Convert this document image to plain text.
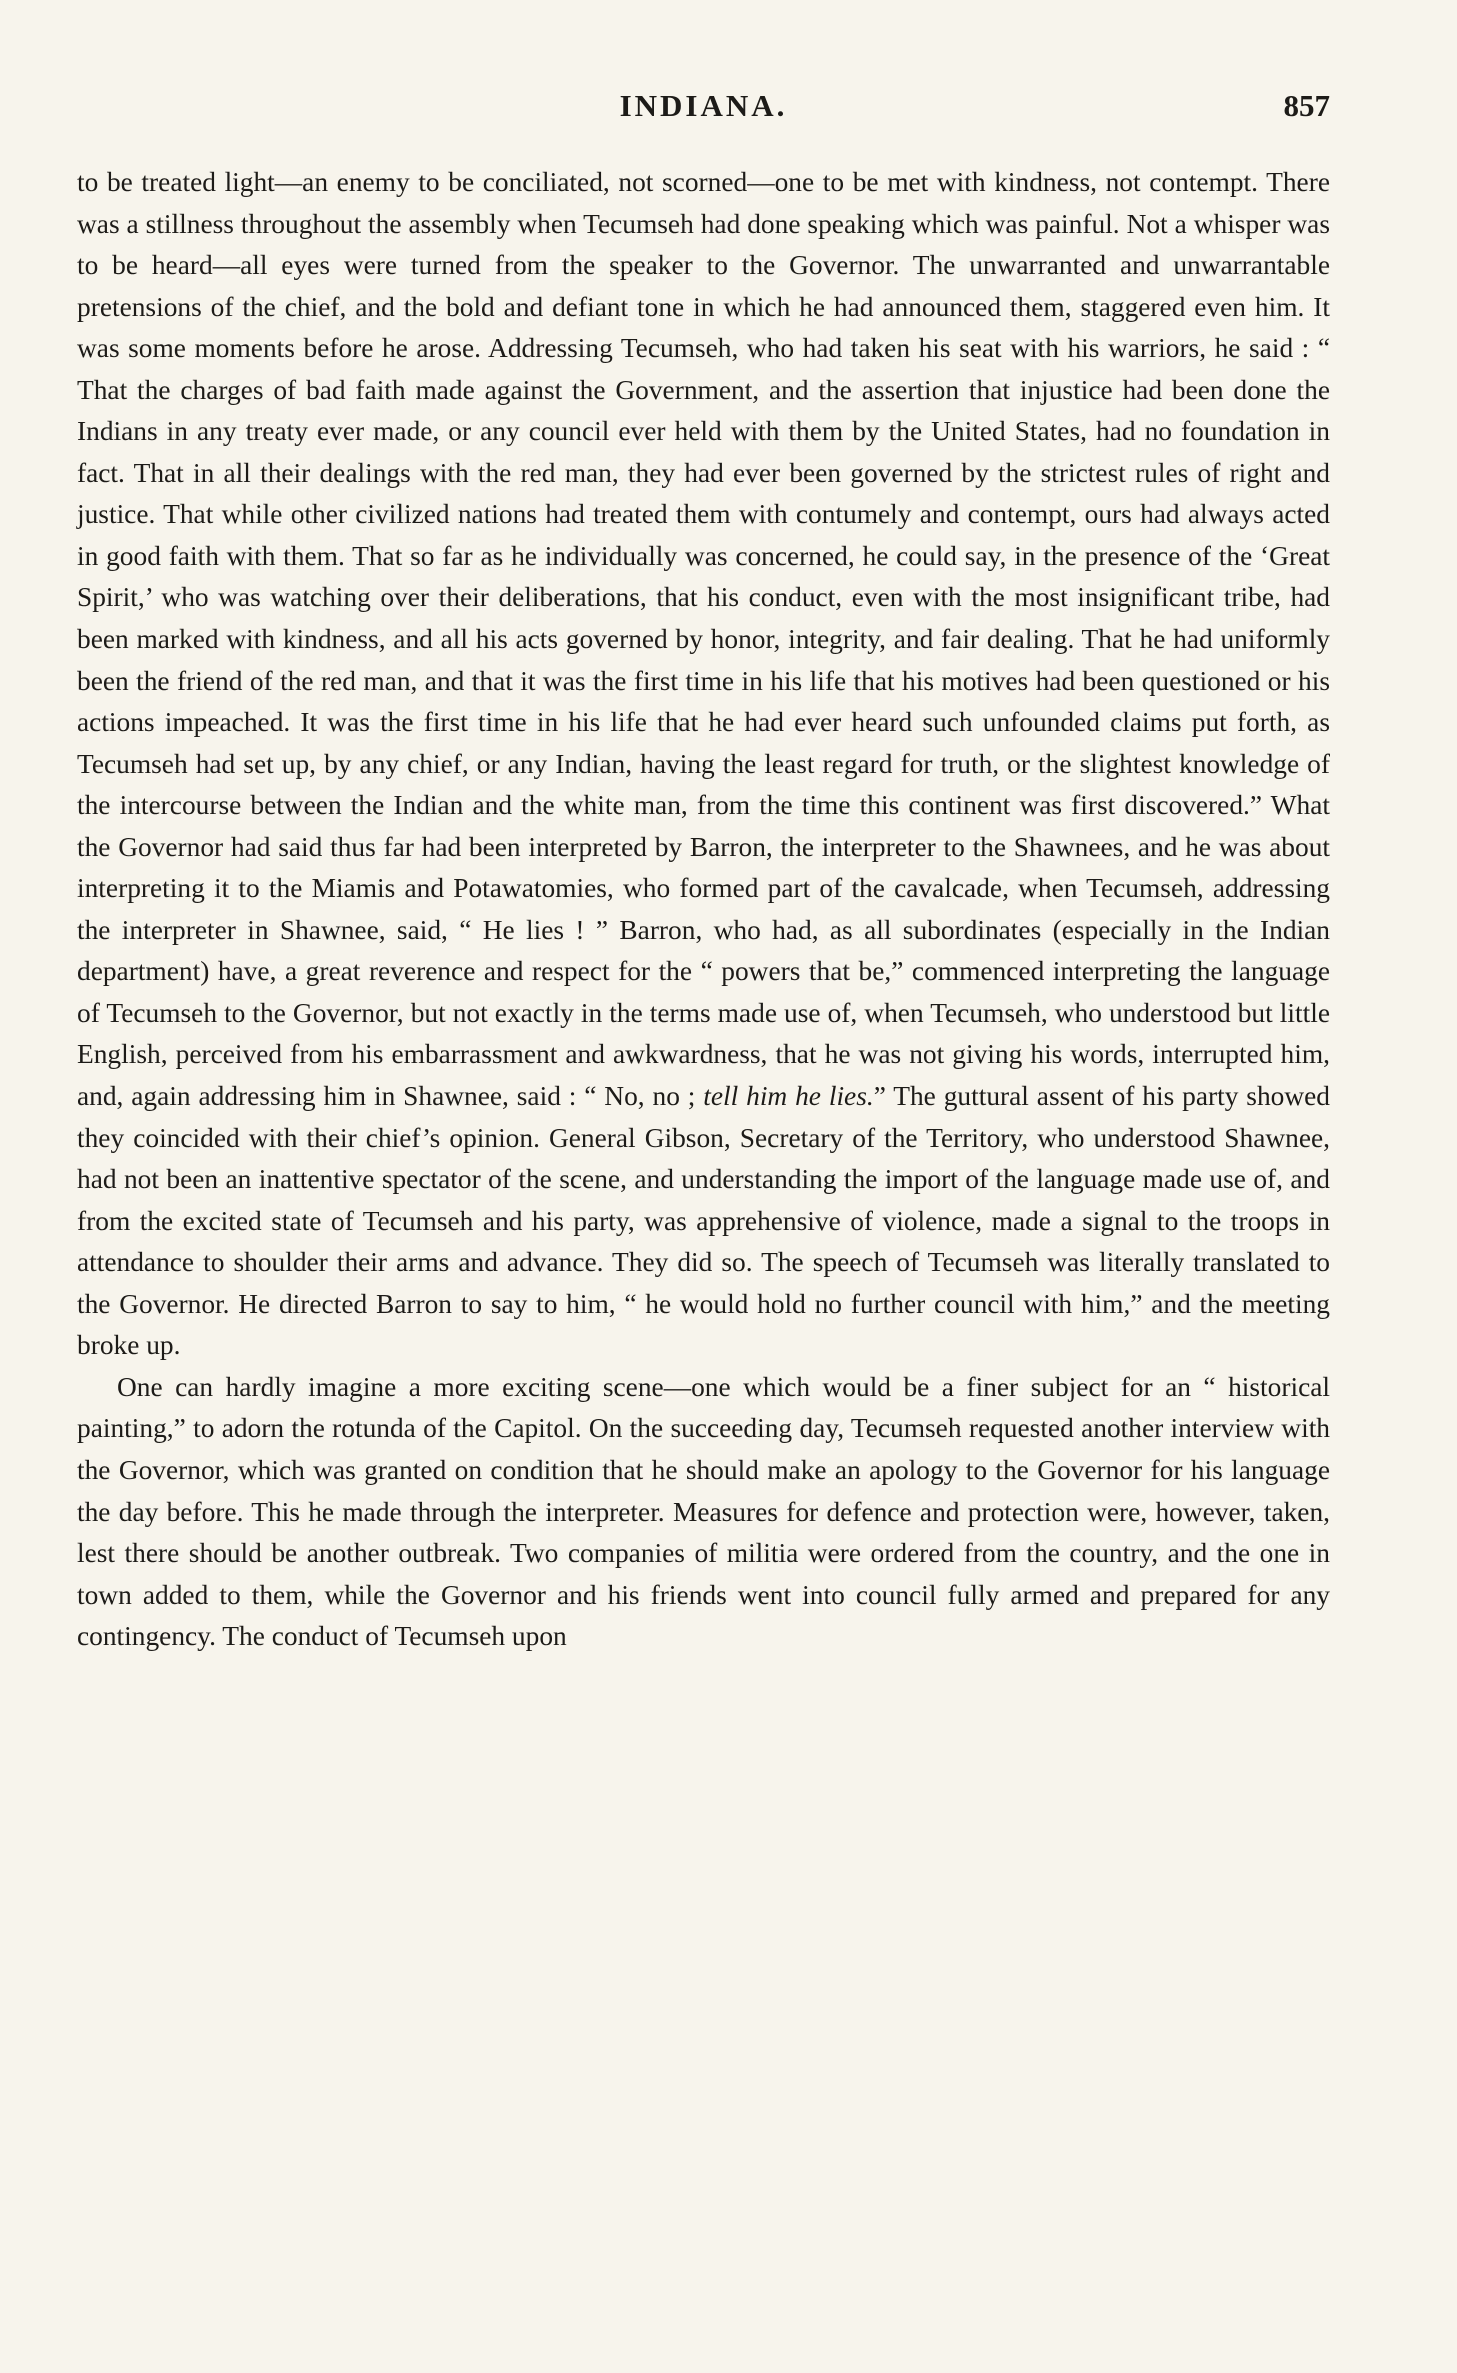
INDIANA.	857

to be treated light—an enemy to be conciliated, not scorned—one to be met with kindness, not contempt. There was a stillness throughout the assembly when Tecumseh had done speaking which was painful. Not a whisper was to be heard—all eyes were turned from the speaker to the Governor. The unwarranted and unwarrantable pretensions of the chief, and the bold and defiant tone in which he had announced them, staggered even him. It was some moments before he arose. Addressing Tecumseh, who had taken his seat with his warriors, he said : “ That the charges of bad faith made against the Government, and the assertion that injustice had been done the Indians in any treaty ever made, or any council ever held with them by the United States, had no foundation in fact. That in all their dealings with the red man, they had ever been governed by the strictest rules of right and justice. That while other civilized nations had treated them with contumely and contempt, ours had always acted in good faith with them. That so far as he individually was concerned, he could say, in the presence of the ‘Great Spirit,’ who was watching over their deliberations, that his conduct, even with the most insignificant tribe, had been marked with kindness, and all his acts governed by honor, integrity, and fair dealing. That he had uniformly been the friend of the red man, and that it was the first time in his life that his motives had been questioned or his actions impeached. It was the first time in his life that he had ever heard such unfounded claims put forth, as Tecumseh had set up, by any chief, or any Indian, having the least regard for truth, or the slightest knowledge of the intercourse between the Indian and the white man, from the time this continent was first discovered.” What the Governor had said thus far had been interpreted by Barron, the interpreter to the Shawnees, and he was about interpreting it to the Miamis and Potawatomies, who formed part of the cavalcade, when Tecumseh, addressing the interpreter in Shawnee, said, “ He lies ! ” Barron, who had, as all subordinates (especially in the Indian department) have, a great reverence and respect for the “ powers that be,” commenced interpreting the language of Tecumseh to the Governor, but not exactly in the terms made use of, when Tecumseh, who understood but little English, perceived from his embarrassment and awkwardness, that he was not giving his words, interrupted him, and, again addressing him in Shawnee, said : “ No, no ; tell him he lies.” The guttural assent of his party showed they coincided with their chief’s opinion. General Gibson, Secretary of the Territory, who understood Shawnee, had not been an inattentive spectator of the scene, and understanding the import of the language made use of, and from the excited state of Tecumseh and his party, was apprehensive of violence, made a signal to the troops in attendance to shoulder their arms and advance. They did so. The speech of Tecumseh was literally translated to the Governor. He directed Barron to say to him, “ he would hold no further council with him,” and the meeting broke up.

One can hardly imagine a more exciting scene—one which would be a finer subject for an “ historical painting,” to adorn the rotunda of the Capitol. On the succeeding day, Tecumseh requested another interview with the Governor, which was granted on condition that he should make an apology to the Governor for his language the day before. This he made through the interpreter. Measures for defence and protection were, however, taken, lest there should be another outbreak. Two companies of militia were ordered from the country, and the one in town added to them, while the Governor and his friends went into council fully armed and prepared for any contingency. The conduct of Tecumseh upon
